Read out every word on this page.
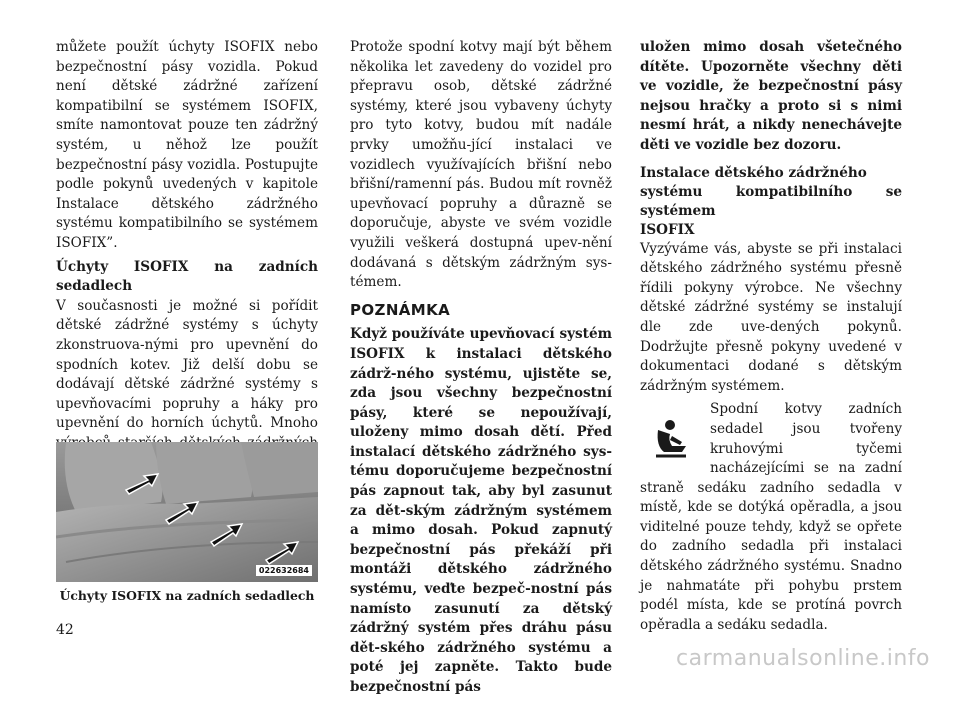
můžete použít úchyty ISOFIX nebo bezpečnostní pásy vozidla. Pokud není dětské zádržné zařízení kompatibilní se systémem ISOFIX, smíte namontovat pouze ten zádržný systém, u něhož lze použít bezpečnostní pásy vozidla. Postupujte podle pokynů uvedených v kapitole Instalace dětského zádržného systému kompatibilního se systémem ISOFIX”.

Úchyty ISOFIX na zadních sedadlech

V současnosti je možné si pořídit dětské zádržné systémy s úchyty zkonstruova-nými pro upevnění do spodních kotev. Již delší dobu se dodávají dětské zádržné systémy s upevňovacími popruhy a háky pro upevnění do horních úchytů. Mnoho

022632684
Úchyty ISOFIX na zadních sedadlech
42

Protože spodní kotvy mají být během několika let zavedeny do vozidel pro přepravu osob, dětské zádržné systémy, které jsou vybaveny úchyty pro tyto kotvy, budou mít nadále prvky umožňu-jící instalaci ve vozidlech využívajících břišní nebo břišní/ramenní pás. Budou mít rovněž upevňovací popruhy a důrazně se doporučuje, abyste ve svém vozidle využili veškerá dostupná upev-nění dodávaná s dětským zádržným sys-témem.

POZNÁMKA

Když používáte upevňovací systém ISOFIX k instalaci dětského zádrž-ného systému, ujistěte se, zda jsou všechny bezpečnostní pásy, které se nepoužívají, uloženy mimo dosah dětí. Před instalací dětského zádržného sys-tému doporučujeme bezpečnostní pás zapnout tak, aby byl zasunut za dět-ským zádržným systémem a mimo dosah. Pokud zapnutý bezpečnostní pás překáží při montáži dětského zádržného systému, veďte bezpeč-nostní pás namísto zasunutí za dětský zádržný systém přes dráhu pásu dět-ského zádržného systému a poté jej zapněte. Takto bude bezpečnostní pás

uložen mimo dosah všetečného dítěte. Upozorněte všechny děti ve vozidle, že bezpečnostní pásy nejsou hračky a proto si s nimi nesmí hrát, a nikdy nenechávejte děti ve vozidle bez dozoru.

Instalace dětského zádržného
systému kompatibilního se systémem
ISOFIX

Vyzýváme vás, abyste se při instalaci dětského zádržného systému přesně řídili pokyny výrobce. Ne všechny dětské zádržné systémy se instalují dle zde uve-dených pokynů. Dodržujte přesně pokyny uvedené v dokumentaci dodané s dětským zádržným systémem.

Spodní kotvy zadních sedadel jsou tvořeny kruhovými tyčemi nacházejícími se na zadní straně sedáku zadního sedadla v místě, kde se dotýká opěradla, a jsou viditelné pouze tehdy, když se opřete do zadního sedadla při instalaci dětského zádržného systému. Snadno je nahmatáte při pohybu prstem podél místa, kde se protíná povrch opěradla a sedáku sedadla.

carmanualsonline.info
